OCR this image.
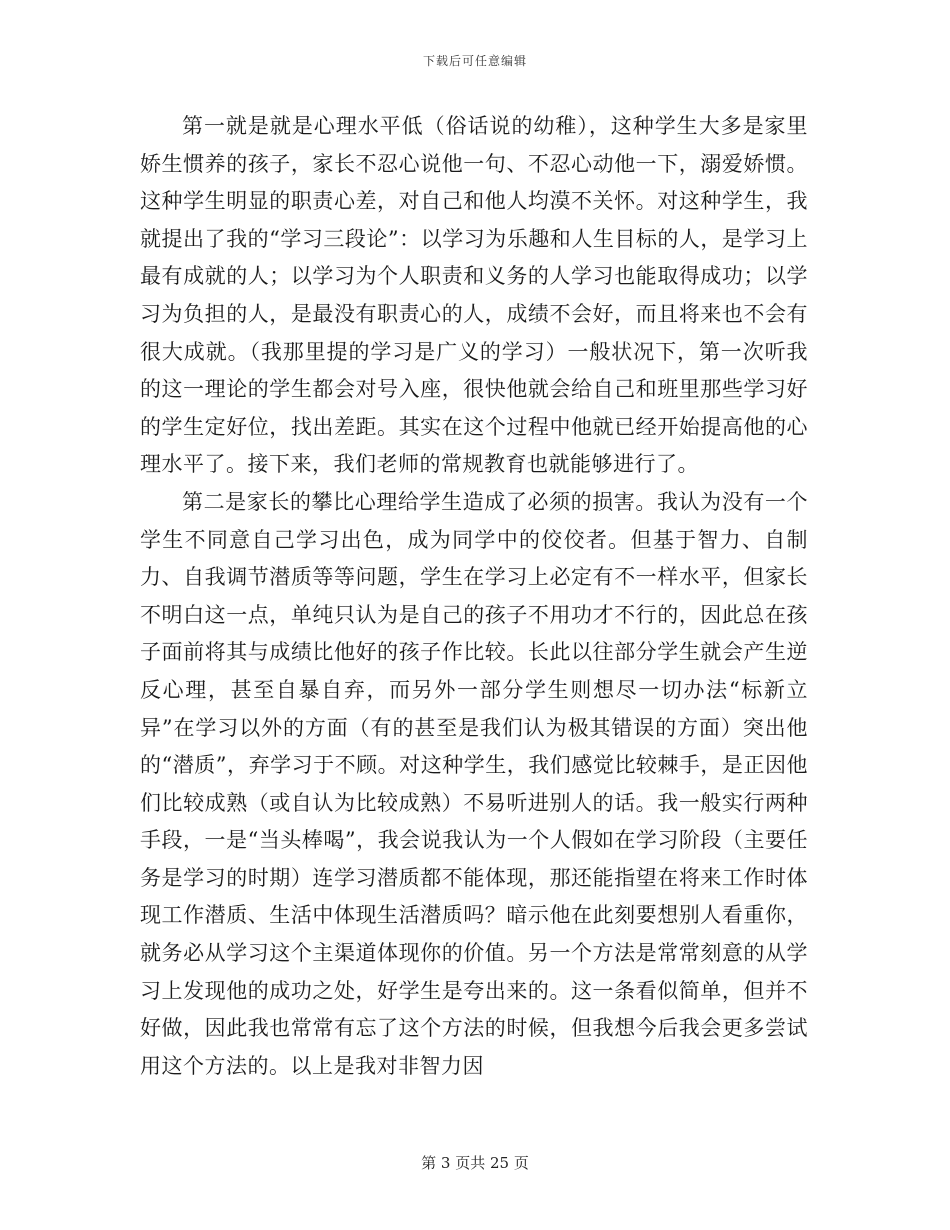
下载后可任意编辑

第一就是就是心理水平低（俗话说的幼稚），这种学生大多是家里娇生惯养的孩子，家长不忍心说他一句、不忍心动他一下，溺爱娇惯。这种学生明显的职责心差，对自己和他人均漠不关怀。对这种学生，我就提出了我的“学习三段论”：以学习为乐趣和人生目标的人，是学习上最有成就的人；以学习为个人职责和义务的人学习也能取得成功；以学习为负担的人，是最没有职责心的人，成绩不会好，而且将来也不会有很大成就。（我那里提的学习是广义的学习）一般状况下，第一次听我的这一理论的学生都会对号入座，很快他就会给自己和班里那些学习好的学生定好位，找出差距。其实在这个过程中他就已经开始提高他的心理水平了。接下来，我们老师的常规教育也就能够进行了。

第二是家长的攀比心理给学生造成了必须的损害。我认为没有一个学生不同意自己学习出色，成为同学中的佼佼者。但基于智力、自制力、自我调节潜质等等问题，学生在学习上必定有不一样水平，但家长不明白这一点，单纯只认为是自己的孩子不用功才不行的，因此总在孩子面前将其与成绩比他好的孩子作比较。长此以往部分学生就会产生逆反心理，甚至自暴自弃，而另外一部分学生则想尽一切办法“标新立异”在学习以外的方面（有的甚至是我们认为极其错误的方面）突出他的“潜质”，弃学习于不顾。对这种学生，我们感觉比较棘手，是正因他们比较成熟（或自认为比较成熟）不易听进别人的话。我一般实行两种手段，一是“当头棒喝”，我会说我认为一个人假如在学习阶段（主要任务是学习的时期）连学习潜质都不能体现，那还能指望在将来工作时体现工作潜质、生活中体现生活潜质吗？暗示他在此刻要想别人看重你，就务必从学习这个主渠道体现你的价值。另一个方法是常常刻意的从学习上发现他的成功之处，好学生是夸出来的。这一条看似简单，但并不好做，因此我也常常有忘了这个方法的时候，但我想今后我会更多尝试用这个方法的。以上是我对非智力因

第 3 页共 25 页
